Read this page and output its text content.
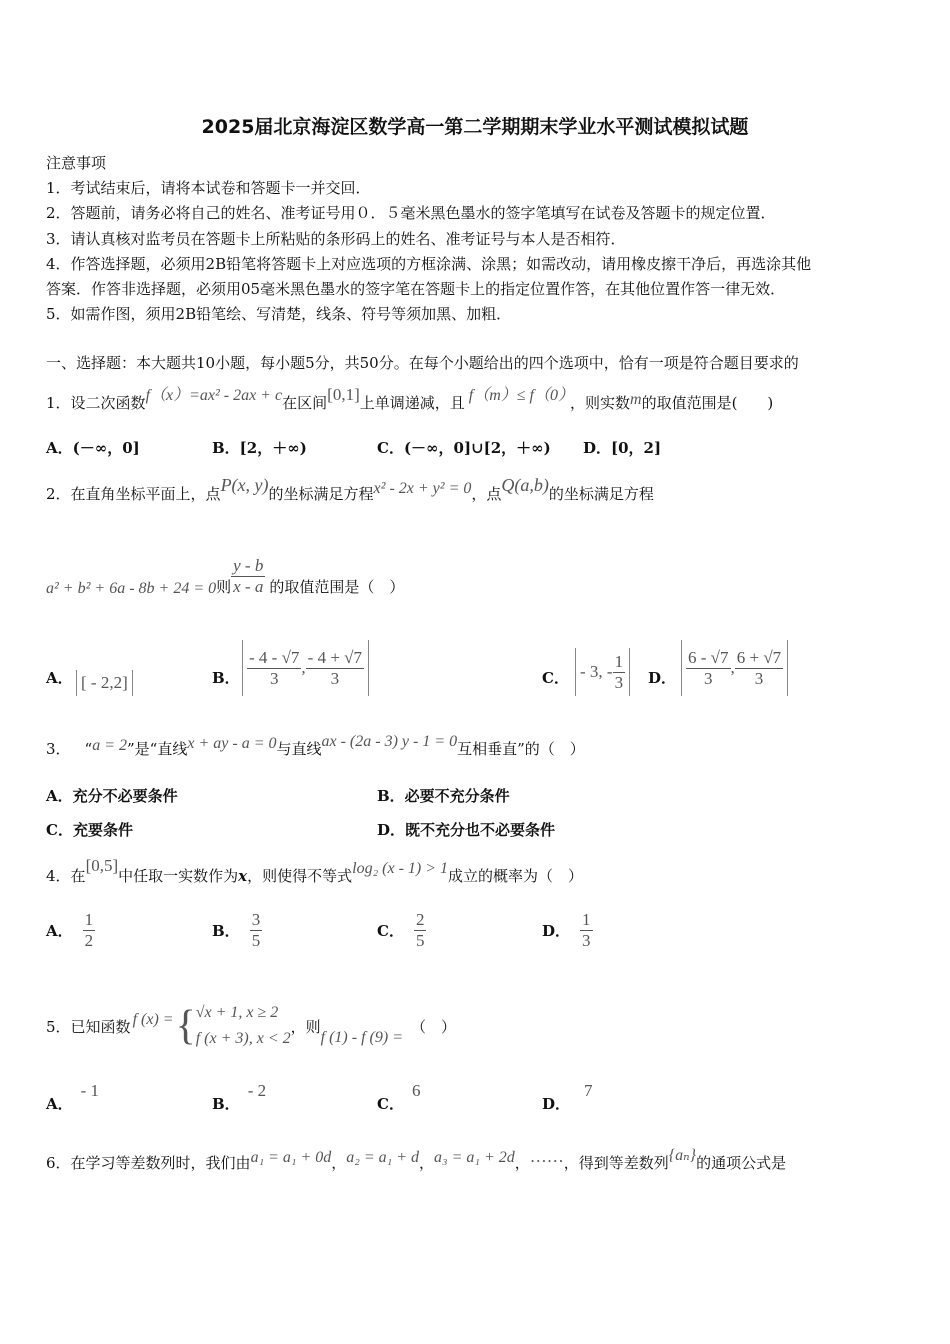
2025届北京海淀区数学高一第二学期期末学业水平测试模拟试题
注意事项
1．考试结束后，请将本试卷和答题卡一并交回．
2．答题前，请务必将自己的姓名、准考证号用０．５毫米黑色墨水的签字笔填写在试卷及答题卡的规定位置．
3．请认真核对监考员在答题卡上所粘贴的条形码上的姓名、准考证号与本人是否相符．
4．作答选择题，必须用2B铅笔将答题卡上对应选项的方框涂满、涂黑；如需改动，请用橡皮擦干净后，再选涂其他
答案．作答非选择题，必须用05毫米黑色墨水的签字笔在答题卡上的指定位置作答，在其他位置作答一律无效．
5．如需作图，须用2B铅笔绘、写清楚，线条、符号等须加黑、加粗．
一、选择题：本大题共10小题，每小题5分，共50分。在每个小题给出的四个选项中，恰有一项是符合题目要求的
1．设二次函数f（x）=ax² - 2ax + c在区间[0,1]上单调递减，且 f（m）≤ f（0） ，则实数m的取值范围是(　　)
A．(－∞，0]	B．[2，＋∞)	C．(－∞，0]∪[2，＋∞) D．[0，2]
2．在直角坐标平面上，点P(x, y)的坐标满足方程x² - 2x + y² = 0，点Q(a,b)的坐标满足方程
a² + b² + 6a - 8b + 24 = 0 则 $\frac{y - b}{x - a}$ 的取值范围是（　）
A． [ - 2,2]	B． $\frac{- 4 - √7}{3}$ , $\frac{- 4 + √7}{3}$	C． - 3, - $\frac{1}{3}$ D． $\frac{6 - √7}{3}$ , $\frac{6 + √7}{3}$
3． “a = 2”是“直线x + ay - a = 0与直线ax - (2a - 3) y - 1 = 0互相垂直”的（　）
A．充分不必要条件	B．必要不充分条件
C．充要条件	D．既不充分也不必要条件
4．在[0,5]中任取一实数作为x，则使得不等式log₂ (x - 1) > 1成立的概率为（　）
A． $\frac{1}{2}$	B． $\frac{3}{5}$	C． $\frac{2}{5}$	D． $\frac{1}{3}$
5． 已知函数 f (x) = { √x + 1, x ≥ 2
f (x + 3), x < 2
，则
f (1) - f (9) =
（　）
A．- 1
B．- 2
C．6
D．7
6．在学习等差数列时，我们由a₁ = a₁ + 0d，a₂ = a₁ + d，a₃ = a₁ + 2d，……，得到等差数列{aₙ}的通项公式是
